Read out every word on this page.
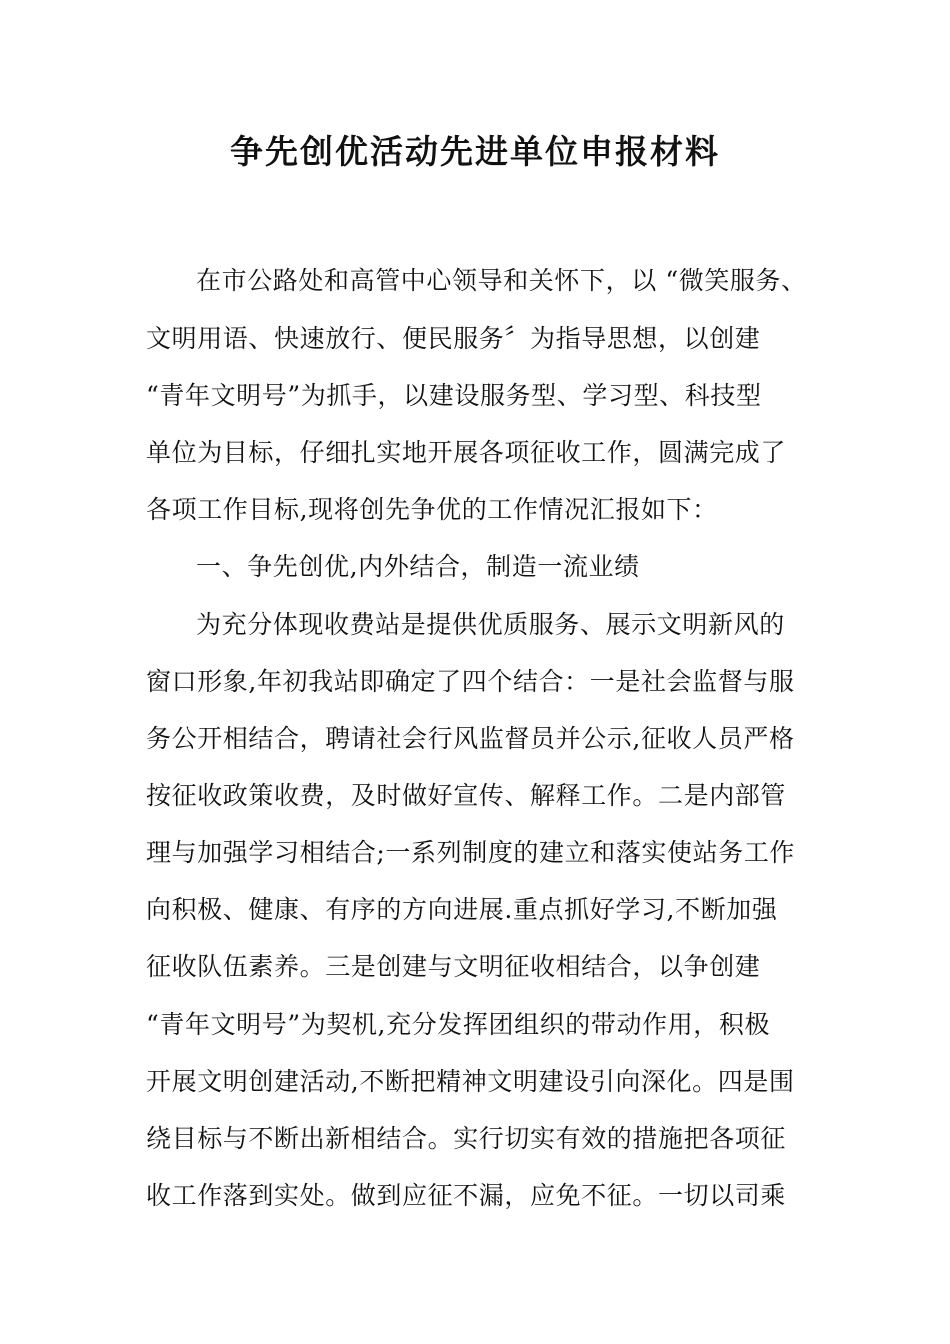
争先创优活动先进单位申报材料
在市公路处和高管中心领导和关怀下，以 “微笑服务、
文明用语、快速放行、便民服务〞为指导思想，以创建
“青年文明号”为抓手，以建设服务型、学习型、科技型
单位为目标，仔细扎实地开展各项征收工作，圆满完成了
各项工作目标,现将创先争优的工作情况汇报如下：
一、争先创优,内外结合，制造一流业绩
为充分体现收费站是提供优质服务、展示文明新风的
窗口形象,年初我站即确定了四个结合：一是社会监督与服
务公开相结合，聘请社会行风监督员并公示,征收人员严格
按征收政策收费，及时做好宣传、解释工作。二是内部管
理与加强学习相结合;一系列制度的建立和落实使站务工作
向积极、健康、有序的方向进展.重点抓好学习,不断加强
征收队伍素养。三是创建与文明征收相结合，以争创建
“青年文明号”为契机,充分发挥团组织的带动作用，积极
开展文明创建活动,不断把精神文明建设引向深化。四是围
绕目标与不断出新相结合。实行切实有效的措施把各项征
收工作落到实处。做到应征不漏，应免不征。一切以司乘
